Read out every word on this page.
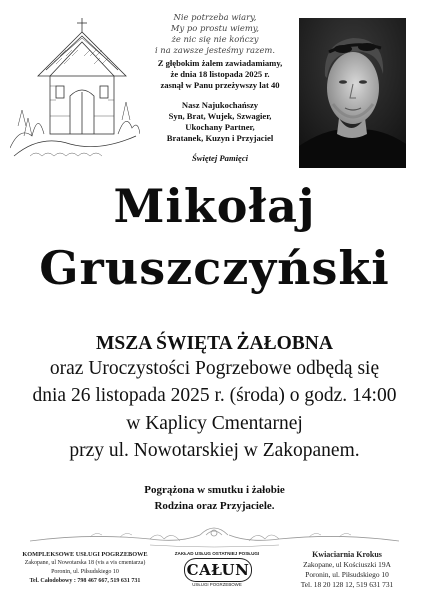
Nie potrzeba wiary,
My po prostu wiemy,
że nic się nie kończy
i na zawsze jesteśmy razem.
Z głębokim żalem zawiadamiamy,
że dnia 18 listopada 2025 r.
zasnął w Panu przeżywszy lat 40
Nasz Najukochańszy
Syn, Brat, Wujek, Szwagier,
Ukochany Partner,
Bratanek, Kuzyn i Przyjaciel
Świętej Pamięci
Mikołaj
Gruszczyński
MSZA ŚWIĘTA ŻAŁOBNA
oraz Uroczystości Pogrzebowe odbędą się
dnia 26 listopada 2025 r. (środa) o godz. 14:00
w Kaplicy Cmentarnej
przy ul. Nowotarskiej w Zakopanem.
Pogrążona w smutku i żałobie
Rodzina oraz Przyjaciele.
KOMPLEKSOWE USŁUGI POGRZEBOWE
Zakopane, ul Nowotarska 18 (vis a vis cmentarza)
Poronin, ul. Piłsudskiego 10
Tel. Całodobowy : 798 467 667, 519 631 731
ZAKŁAD USŁUG OSTATNIEJ POSŁUGI
CAŁUN
USŁUGI POGRZEBOWE
Kwiaciarnia Krokus
Zakopane, ul Kościuszki 19A
Poronin, ul. Piłsudskiego 10
Tel. 18 20 128 12, 519 631 731
